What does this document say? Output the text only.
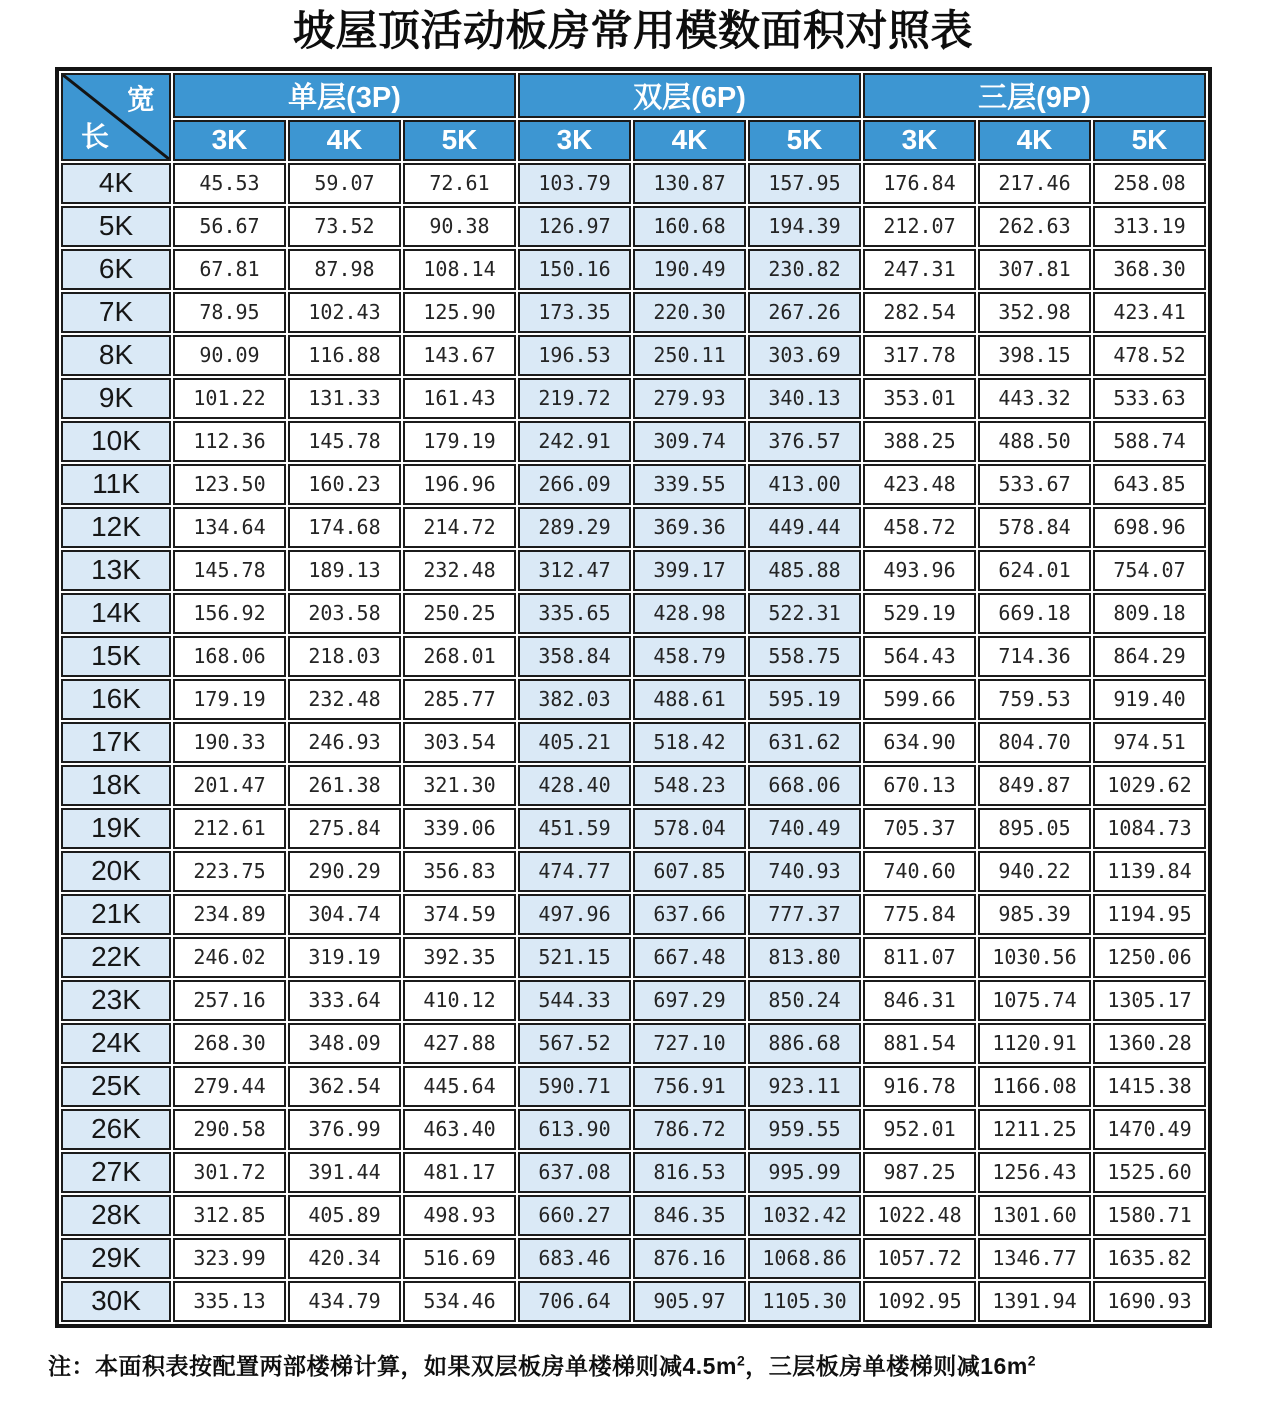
坡屋顶活动板房常用模数面积对照表
宽
长	单层(3P)			双层(6P)			三层(9P)		
	3K	4K	5K	3K	4K	5K	3K	4K	5K
4K	45.53	59.07	72.61	103.79	130.87	157.95	176.84	217.46	258.08
5K	56.67	73.52	90.38	126.97	160.68	194.39	212.07	262.63	313.19
6K	67.81	87.98	108.14	150.16	190.49	230.82	247.31	307.81	368.30
7K	78.95	102.43	125.90	173.35	220.30	267.26	282.54	352.98	423.41
8K	90.09	116.88	143.67	196.53	250.11	303.69	317.78	398.15	478.52
9K	101.22	131.33	161.43	219.72	279.93	340.13	353.01	443.32	533.63
10K	112.36	145.78	179.19	242.91	309.74	376.57	388.25	488.50	588.74
11K	123.50	160.23	196.96	266.09	339.55	413.00	423.48	533.67	643.85
12K	134.64	174.68	214.72	289.29	369.36	449.44	458.72	578.84	698.96
13K	145.78	189.13	232.48	312.47	399.17	485.88	493.96	624.01	754.07
14K	156.92	203.58	250.25	335.65	428.98	522.31	529.19	669.18	809.18
15K	168.06	218.03	268.01	358.84	458.79	558.75	564.43	714.36	864.29
16K	179.19	232.48	285.77	382.03	488.61	595.19	599.66	759.53	919.40
17K	190.33	246.93	303.54	405.21	518.42	631.62	634.90	804.70	974.51
18K	201.47	261.38	321.30	428.40	548.23	668.06	670.13	849.87	1029.62
19K	212.61	275.84	339.06	451.59	578.04	740.49	705.37	895.05	1084.73
20K	223.75	290.29	356.83	474.77	607.85	740.93	740.60	940.22	1139.84
21K	234.89	304.74	374.59	497.96	637.66	777.37	775.84	985.39	1194.95
22K	246.02	319.19	392.35	521.15	667.48	813.80	811.07	1030.56	1250.06
23K	257.16	333.64	410.12	544.33	697.29	850.24	846.31	1075.74	1305.17
24K	268.30	348.09	427.88	567.52	727.10	886.68	881.54	1120.91	1360.28
25K	279.44	362.54	445.64	590.71	756.91	923.11	916.78	1166.08	1415.38
26K	290.58	376.99	463.40	613.90	786.72	959.55	952.01	1211.25	1470.49
27K	301.72	391.44	481.17	637.08	816.53	995.99	987.25	1256.43	1525.60
28K	312.85	405.89	498.93	660.27	846.35	1032.42	1022.48	1301.60	1580.71
29K	323.99	420.34	516.69	683.46	876.16	1068.86	1057.72	1346.77	1635.82
30K	335.13	434.79	534.46	706.64	905.97	1105.30	1092.95	1391.94	1690.93
注：本面积表按配置两部楼梯计算，如果双层板房单楼梯则减$4.5m^2$，三层板房单楼梯则减$16m^2$
